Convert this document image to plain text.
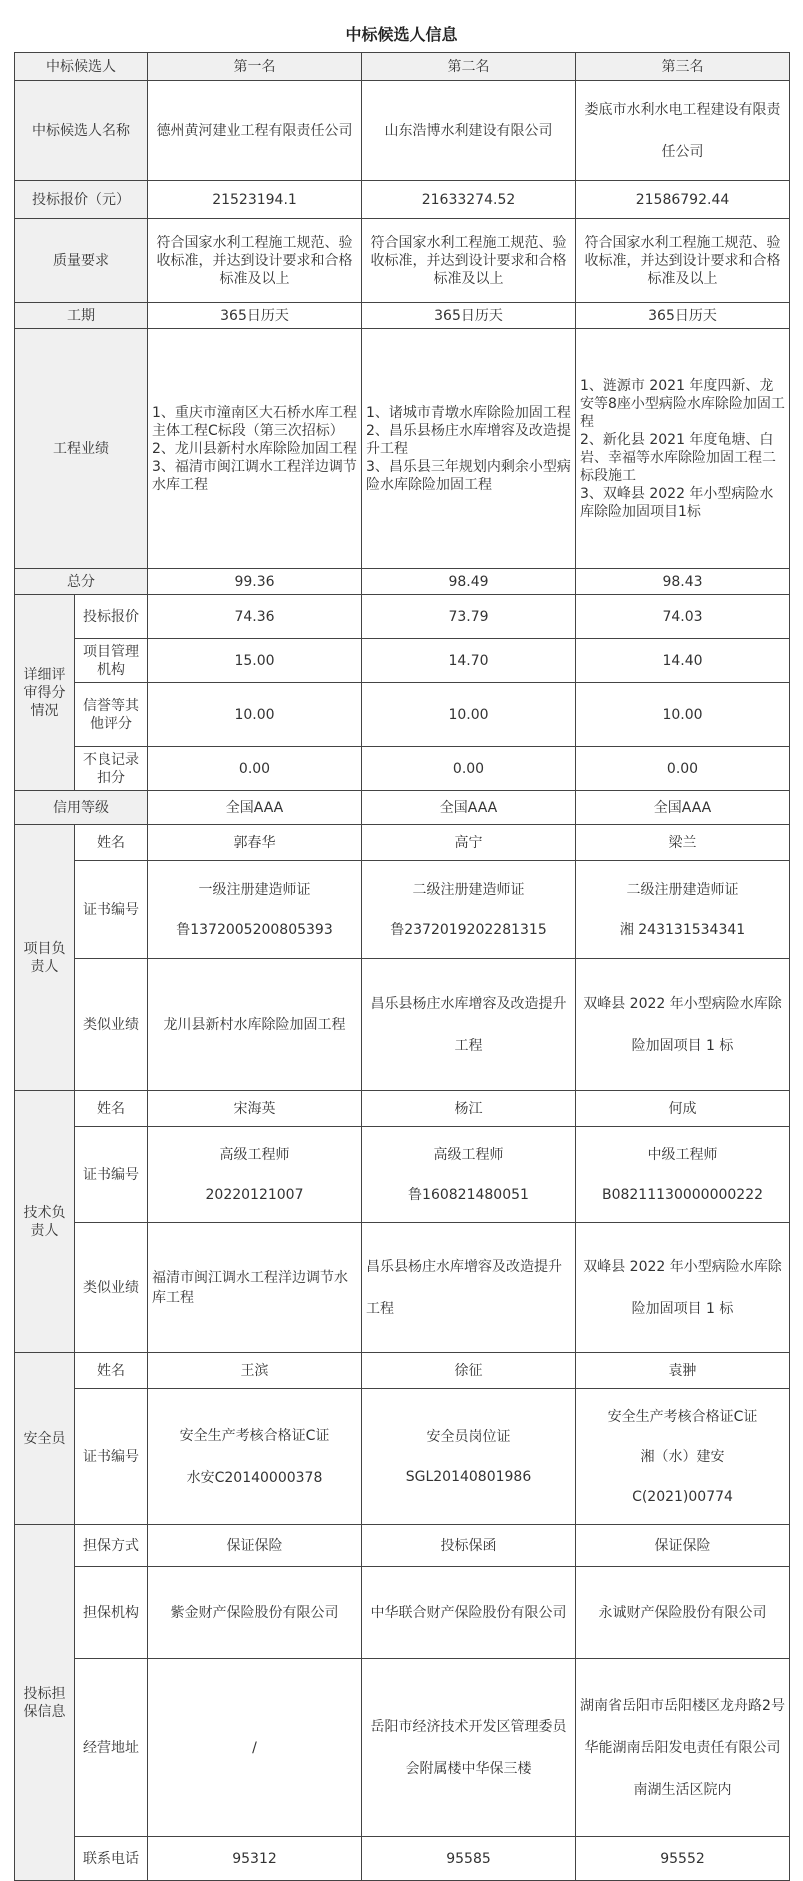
中标候选人信息
中标候选人		第一名	第二名	第三名
中标候选人名称		德州黄河建业工程有限责任公司	山东浩博水利建设有限公司	娄底市水利水电工程建设有限责任公司
投标报价（元）		21523194.1	21633274.52	21586792.44
质量要求		符合国家水利工程施工规范、验收标准，并达到设计要求和合格标准及以上	符合国家水利工程施工规范、验收标准，并达到设计要求和合格标准及以上	符合国家水利工程施工规范、验收标准，并达到设计要求和合格标准及以上
工期		365日历天	365日历天	365日历天
工程业绩		1、重庆市潼南区大石桥水库工程主体工程C标段（第三次招标）
2、龙川县新村水库除险加固工程
3、福清市闽江调水工程洋边调节水库工程	1、诸城市青墩水库除险加固工程
2、昌乐县杨庄水库增容及改造提升工程
3、昌乐县三年规划内剩余小型病险水库除险加固工程	1、涟源市 2021 年度四新、龙安等8座小型病险水库除险加固工程
2、新化县 2021 年度龟塘、白岩、幸福等水库除险加固工程二标段施工
3、双峰县 2022 年小型病险水库除险加固项目1标
总分		99.36	98.49	98.43
详细评审得分情况	投标报价	74.36	73.79	74.03
	项目管理机构	15.00	14.70	14.40
	信誉等其他评分	10.00	10.00	10.00
	不良记录扣分	0.00	0.00	0.00
信用等级		全国AAA	全国AAA	全国AAA
项目负责人	姓名	郭春华	高宁	梁兰
	证书编号	一级注册建造师证
鲁1372005200805393	二级注册建造师证
鲁2372019202281315	二级注册建造师证
湘 243131534341

	类似业绩	龙川县新村水库除险加固工程	昌乐县杨庄水库增容及改造提升工程	双峰县 2022 年小型病险水库除险加固项目 1 标
技术负责人	姓名	宋海英	杨江	何成
	证书编号	高级工程师
20220121007	高级工程师
鲁160821480051	中级工程师
B08211130000000222

	类似业绩	福清市闽江调水工程洋边调节水库工程	昌乐县杨庄水库增容及改造提升工程	双峰县 2022 年小型病险水库除险加固项目 1 标
安全员	姓名	王滨	徐征	袁翀
	证书编号	安全生产考核合格证C证
水安C20140000378	安全员岗位证
SGL20140801986	安全生产考核合格证C证
湘（水）建安
C(2021)00774

投标担保信息	担保方式	保证保险	投标保函	保证保险
	担保机构	紫金财产保险股份有限公司	中华联合财产保险股份有限公司	永诚财产保险股份有限公司
	经营地址	/	岳阳市经济技术开发区管理委员会附属楼中华保三楼	湖南省岳阳市岳阳楼区龙舟路2号华能湖南岳阳发电责任有限公司南湖生活区院内
	联系电话	95312	95585	95552
